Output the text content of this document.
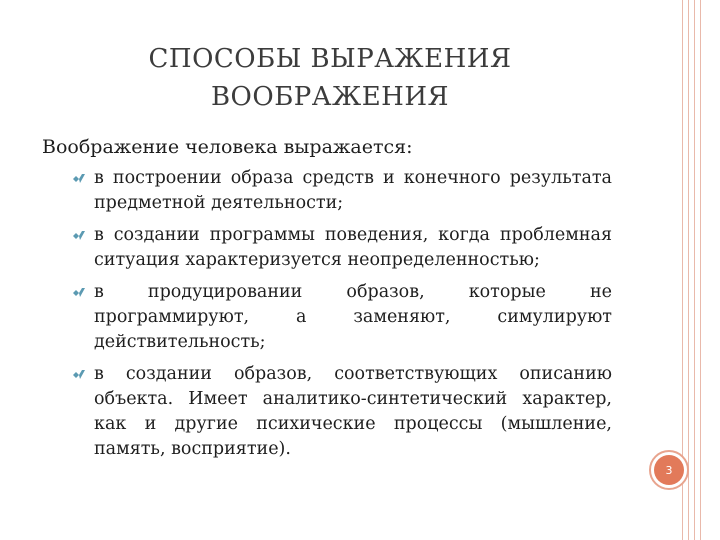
СПОСОБЫ ВЫРАЖЕНИЯ
ВООБРАЖЕНИЯ
Воображение человека выражается:
в построении образа средств и конечного результата предметной деятельности;
в создании программы поведения, когда проблемная ситуация характеризуется неопределенностью;
в продуцировании образов, которые не программируют, а заменяют, симулируют действительность;
в создании образов, соответствующих описанию объекта. Имеет аналитико-синтетический характер, как и другие психические процессы (мышление, память, восприятие).
3
